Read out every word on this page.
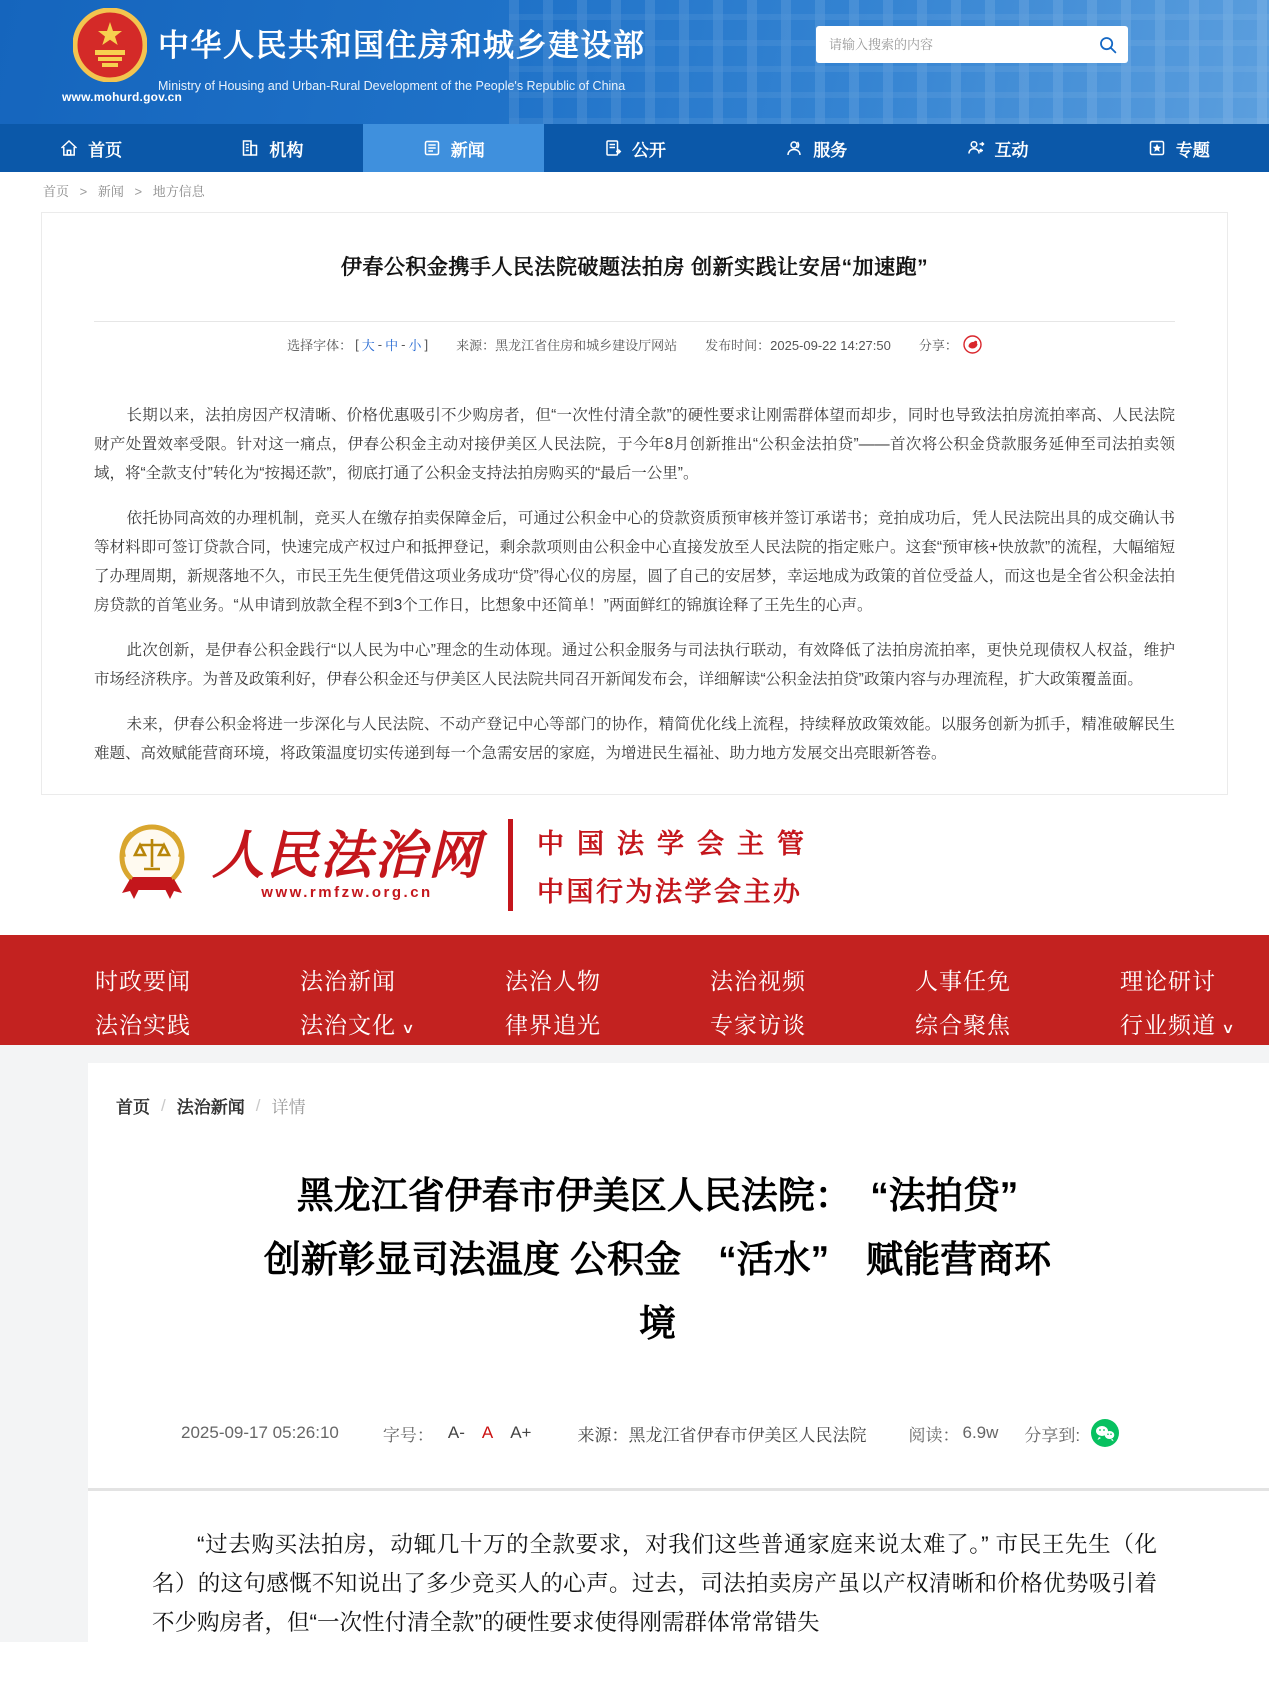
www.mohurd.gov.cn
中华人民共和国住房和城乡建设部
Ministry of Housing and Urban-Rural Development of the People's Republic of China
请输入搜索的内容
首页	机构	新闻	公开	服务	互动	专题
首页 > 新闻 > 地方信息
伊春公积金携手人民法院破题法拍房 创新实践让安居“加速跑”
选择字体： [ 大 - 中 - 小 ] 来源：黑龙江省住房和城乡建设厅网站 发布时间：2025-09-22 14:27:50 分享：

长期以来，法拍房因产权清晰、价格优惠吸引不少购房者，但“一次性付清全款”的硬性要求让刚需群体望而却步，同时也导致法拍房流拍率高、人民法院财产处置效率受限。针对这一痛点，伊春公积金主动对接伊美区人民法院，于今年8月创新推出“公积金法拍贷”——首次将公积金贷款服务延伸至司法拍卖领域，将“全款支付”转化为“按揭还款”，彻底打通了公积金支持法拍房购买的“最后一公里”。

依托协同高效的办理机制，竞买人在缴存拍卖保障金后，可通过公积金中心的贷款资质预审核并签订承诺书；竞拍成功后，凭人民法院出具的成交确认书等材料即可签订贷款合同，快速完成产权过户和抵押登记，剩余款项则由公积金中心直接发放至人民法院的指定账户。这套“预审核+快放款”的流程，大幅缩短了办理周期，新规落地不久，市民王先生便凭借这项业务成功“贷”得心仪的房屋，圆了自己的安居梦，幸运地成为政策的首位受益人，而这也是全省公积金法拍房贷款的首笔业务。“从申请到放款全程不到3个工作日，比想象中还简单！”两面鲜红的锦旗诠释了王先生的心声。

此次创新，是伊春公积金践行“以人民为中心”理念的生动体现。通过公积金服务与司法执行联动，有效降低了法拍房流拍率，更快兑现债权人权益，维护市场经济秩序。为普及政策利好，伊春公积金还与伊美区人民法院共同召开新闻发布会，详细解读“公积金法拍贷”政策内容与办理流程，扩大政策覆盖面。

未来，伊春公积金将进一步深化与人民法院、不动产登记中心等部门的协作，精简优化线上流程，持续释放政策效能。以服务创新为抓手，精准破解民生难题、高效赋能营商环境，将政策温度切实传递到每一个急需安居的家庭，为增进民生福祉、助力地方发展交出亮眼新答卷。

人民法治网
www.rmfzw.org.cn
中国法学会主管
中国行为法学会主办
时政要闻	法治新闻	法治人物	法治视频	人事任免	理论研讨
法治实践	法治文化 ∨	律界追光	专家访谈	综合聚焦	行业频道 ∨
首页 / 法治新闻 / 详情
黑龙江省伊春市伊美区人民法院：　“法拍贷”
创新彰显司法温度 公积金　“活水”　赋能营商环
境
2025-09-17 05:26:10	字号： A- A A+	来源：黑龙江省伊春市伊美区人民法院 阅读： 6.9w 分享到:

“过去购买法拍房，动辄几十万的全款要求，对我们这些普通家庭来说太难了。” 市民王先生（化名）的这句感慨不知说出了多少竞买人的心声。过去，司法拍卖房产虽以产权清晰和价格优势吸引着不少购房者，但“一次性付清全款”的硬性要求使得刚需群体常常错失
